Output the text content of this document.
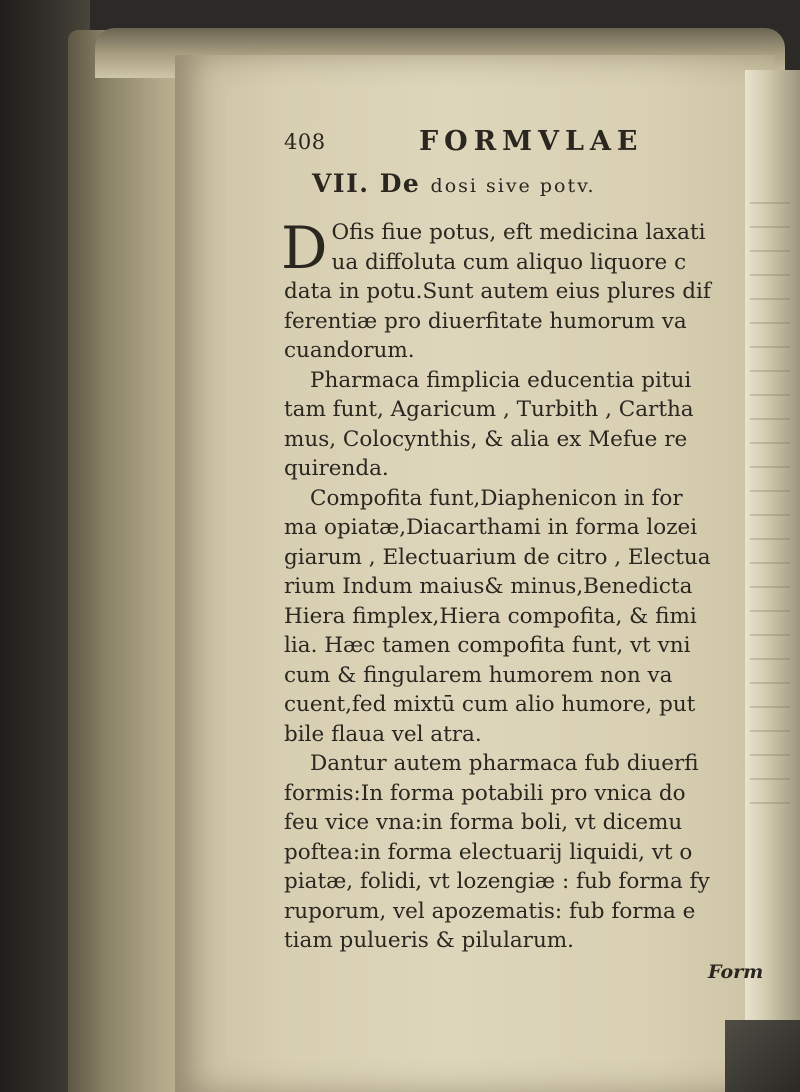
408	FORMVLAE
VII. De dosi sive potv.
D Ofis fiue potus, eft medicina laxati
ua diffoluta cum aliquo liquore c
data in potu.Sunt autem eius plures dif
ferentiæ pro diuerfitate humorum va
cuandorum.
Pharmaca fimplicia educentia pitui
tam funt, Agaricum , Turbith , Cartha
mus, Colocynthis, & alia ex Mefue re
quirenda.
Compofita funt,Diaphenicon in for
ma opiatæ,Diacarthami in forma lozei
giarum , Electuarium de citro , Electua
rium Indum maius& minus,Benedicta
Hiera fimplex,Hiera compofita, & fimi
lia. Hæc tamen compofita funt, vt vni
cum & fingularem humorem non va
cuent,fed mixtū cum alio humore, put
bile flaua vel atra.
Dantur autem pharmaca fub diuerfi
formis:In forma potabili pro vnica do
feu vice vna:in forma boli, vt dicemu
poftea:in forma electuarij liquidi, vt o
piatæ, folidi, vt lozengiæ : fub forma fy
ruporum, vel apozematis: fub forma e
tiam pulueris & pilularum.
Form
